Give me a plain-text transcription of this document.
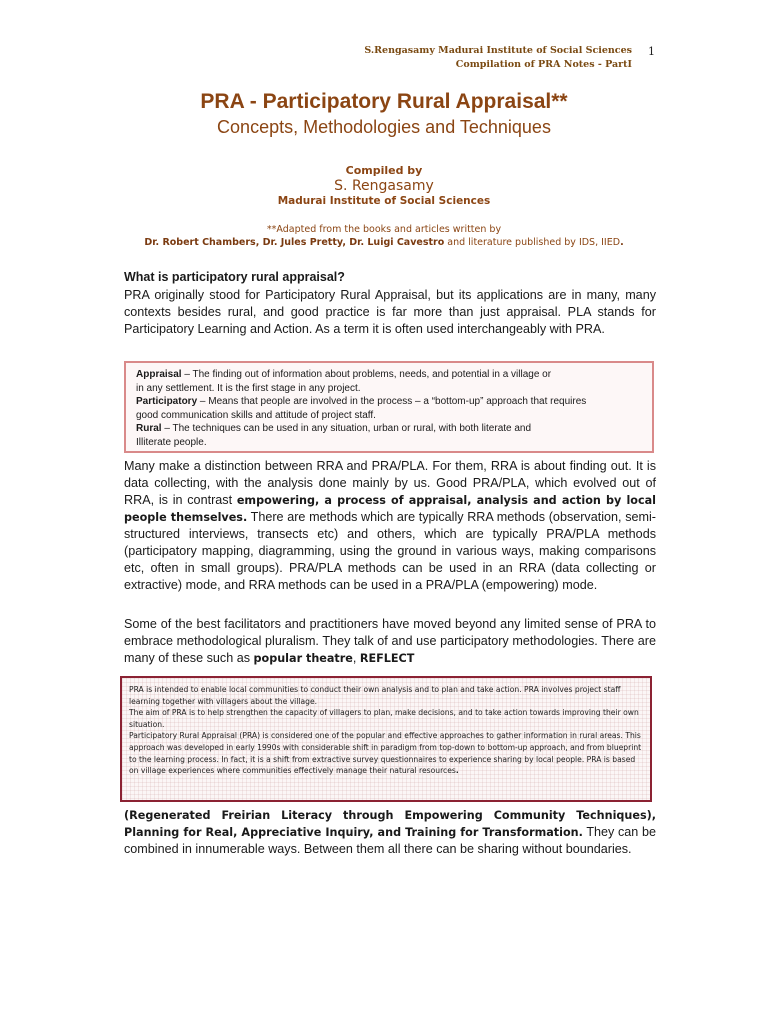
S.Rengasamy Madurai Institute of Social Sciences
Compilation of PRA Notes - PartI
1
PRA - Participatory Rural Appraisal**
Concepts, Methodologies and Techniques
Compiled by
S. Rengasamy
Madurai Institute of Social Sciences
**Adapted from the books and articles written by
Dr. Robert Chambers, Dr. Jules Pretty, Dr. Luigi Cavestro and literature published by IDS, IIED.
What is participatory rural appraisal?
PRA originally stood for Participatory Rural Appraisal, but its applications are in many, many contexts besides rural, and good practice is far more than just appraisal. PLA stands for Participatory Learning and Action. As a term it is often used interchangeably with PRA.
Appraisal – The finding out of information about problems, needs, and potential in a village or
in any settlement. It is the first stage in any project.
Participatory – Means that people are involved in the process – a “bottom-up” approach that requires
good communication skills and attitude of project staff.
Rural – The techniques can be used in any situation, urban or rural, with both literate and
Illiterate people.
Many make a distinction between RRA and PRA/PLA. For them, RRA is about finding out. It is data collecting, with the analysis done mainly by us. Good PRA/PLA, which evolved out of RRA, is in contrast empowering, a process of appraisal, analysis and action by local people themselves. There are methods which are typically RRA methods (observation, semi-structured interviews, transects etc) and others, which are typically PRA/PLA methods (participatory mapping, diagramming, using the ground in various ways, making comparisons etc, often in small groups). PRA/PLA methods can be used in an RRA (data collecting or extractive) mode, and RRA methods can be used in a PRA/PLA (empowering) mode.
Some of the best facilitators and practitioners have moved beyond any limited sense of PRA to embrace methodological pluralism. They talk of and use participatory methodologies. There are many of these such as popular theatre, REFLECT
PRA is intended to enable local communities to conduct their own analysis and to plan and take action. PRA involves project staff learning together with villagers about the village.
The aim of PRA is to help strengthen the capacity of villagers to plan, make decisions, and to take action towards improving their own situation.
Participatory Rural Appraisal (PRA) is considered one of the popular and effective approaches to gather information in rural areas. This approach was developed in early 1990s with considerable shift in paradigm from top-down to bottom-up approach, and from blueprint to the learning process. In fact, it is a shift from extractive survey questionnaires to experience sharing by local people. PRA is based on village experiences where communities effectively manage their natural resources.
(Regenerated Freirian Literacy through Empowering Community Techniques), Planning for Real, Appreciative Inquiry, and Training for Transformation. They can be combined in innumerable ways. Between them all there can be sharing without boundaries.
